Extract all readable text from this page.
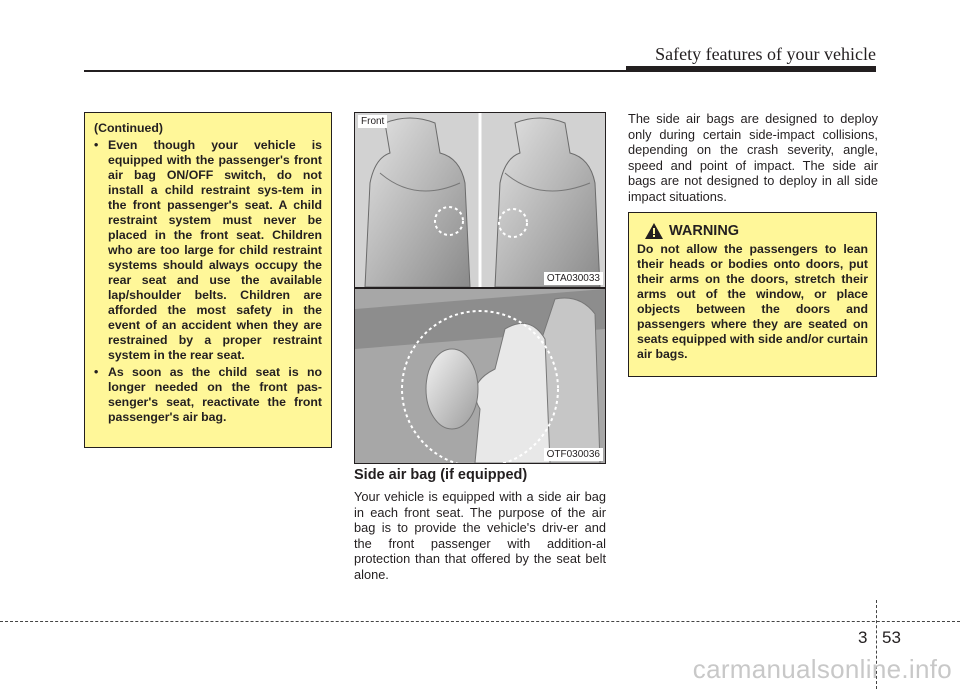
Safety features of your vehicle
(Continued)
• Even though your vehicle is equipped with the passenger's front air bag ON/OFF switch, do not install a child restraint sys-tem in the front passenger's seat. A child restraint system must never be placed in the front seat. Children who are too large for child restraint systems should always occupy the rear seat and use the available lap/shoulder belts. Children are afforded the most safety in the event of an accident when they are restrained by a proper restraint system in the rear seat.
• As soon as the child seat is no longer needed on the front pas-senger's seat, reactivate the front passenger's air bag.
Front
OTA030033
OTF030036
Side air bag (if equipped)
Your vehicle is equipped with a side air bag in each front seat. The purpose of the air bag is to provide the vehicle's driv-er and the front passenger with addition-al protection than that offered by the seat belt alone.
The side air bags are designed to deploy only during certain side-impact collisions, depending on the crash severity, angle, speed and point of impact. The side air bags are not designed to deploy in all side impact situations.
WARNING
Do not allow the passengers to lean their heads or bodies onto doors, put their arms on the doors, stretch their arms out of the window, or place objects between the doors and passengers where they are seated on seats equipped with side and/or curtain air bags.
3 53
carmanualsonline.info
